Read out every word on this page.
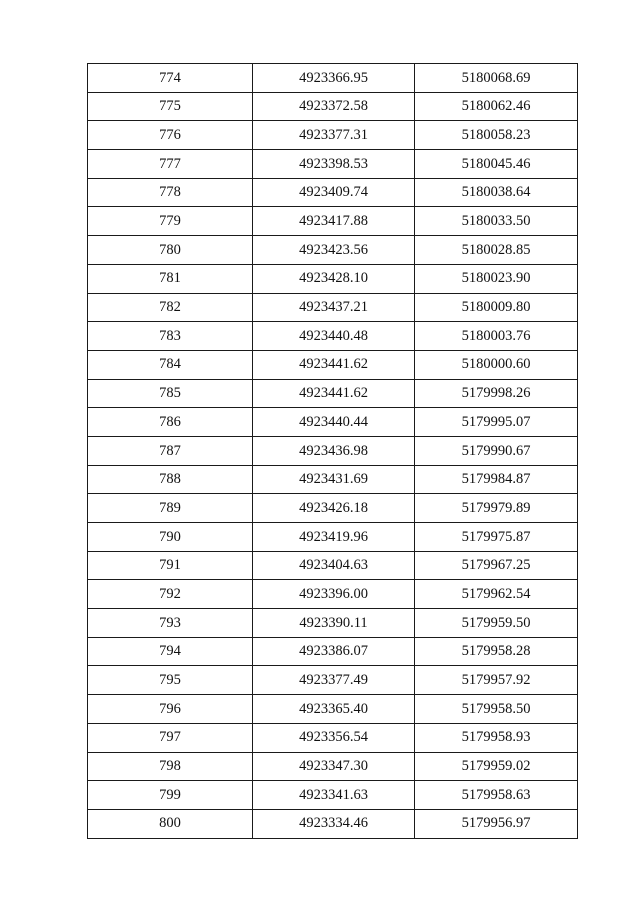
774	4923366.95	5180068.69
775	4923372.58	5180062.46
776	4923377.31	5180058.23
777	4923398.53	5180045.46
778	4923409.74	5180038.64
779	4923417.88	5180033.50
780	4923423.56	5180028.85
781	4923428.10	5180023.90
782	4923437.21	5180009.80
783	4923440.48	5180003.76
784	4923441.62	5180000.60
785	4923441.62	5179998.26
786	4923440.44	5179995.07
787	4923436.98	5179990.67
788	4923431.69	5179984.87
789	4923426.18	5179979.89
790	4923419.96	5179975.87
791	4923404.63	5179967.25
792	4923396.00	5179962.54
793	4923390.11	5179959.50
794	4923386.07	5179958.28
795	4923377.49	5179957.92
796	4923365.40	5179958.50
797	4923356.54	5179958.93
798	4923347.30	5179959.02
799	4923341.63	5179958.63
800	4923334.46	5179956.97
